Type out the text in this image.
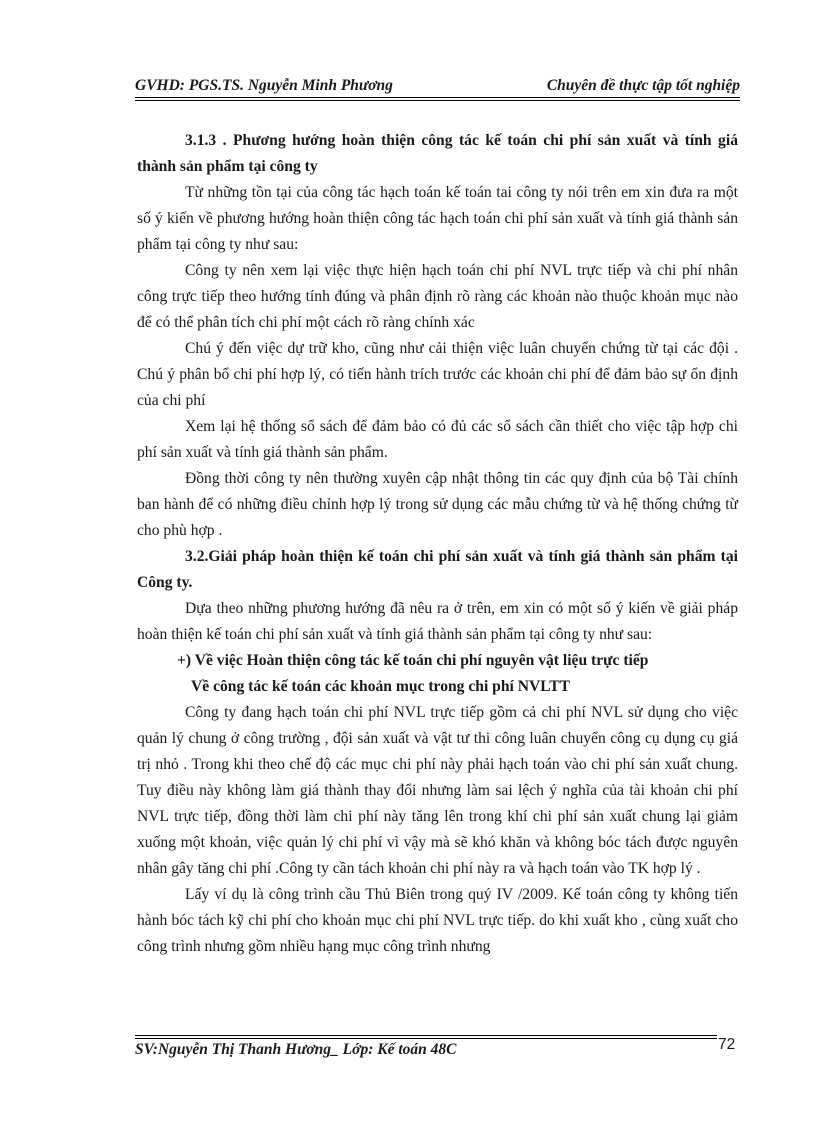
GVHD: PGS.TS. Nguyễn Minh Phương	Chuyên đề thực tập tốt nghiệp

3.1.3 . Phương hướng hoàn thiện công tác kế toán chi phí sản xuất và tính giá thành sản phẩm tại công ty

Từ những tồn tại của công tác hạch toán kế toán tai công ty nói trên em xin đưa ra một số ý kiến về phương hướng hoàn thiện công tác hạch toán chi phí sản xuất và tính giá thành sản phẩm tại công ty như sau:

Công ty nên xem lại việc thực hiện hạch toán chi phí NVL trực tiếp và chi phí nhân công trực tiếp theo hướng tính đúng và phân định rõ ràng các khoản nào thuộc khoản mục nào để có thể phân tích chi phí một cách rõ ràng chính xác

Chú ý đến việc dự trữ kho, cũng như cải thiện việc luân chuyển chứng từ tại các đội . Chú ý phân bổ chi phí hợp lý, có tiến hành trích trước các khoản chi phí để đảm bảo sự ổn định của chi phí

Xem lại hệ thống sổ sách để đảm bảo có đủ các sổ sách cần thiết cho việc tập hợp chi phí sản xuất và tính giá thành sản phẩm.

Đồng thời công ty nên thường xuyên cập nhật thông tin các quy định của bộ Tài chính ban hành để có những điều chỉnh hợp lý trong sử dụng các mẫu chứng từ và hệ thống chứng từ cho phù hợp .

3.2.Giải pháp hoàn thiện kế toán chi phí sản xuất và tính giá thành sản phẩm tại Công ty.

Dựa theo những phương hướng đã nêu ra ở trên, em xin có một số ý kiến về giải pháp hoàn thiện kế toán chi phí sản xuất và tính giá thành sản phẩm tại công ty như sau:

+) Về việc Hoàn thiện công tác kế toán chi phí nguyên vật liệu trực tiếp

Về công tác kế toán các khoản mục trong chi phí NVLTT

Công ty đang hạch toán chi phí NVL trực tiếp gồm cả chi phí NVL sử dụng cho việc quản lý chung ở công trường , đội sản xuất và vật tư thi công luân chuyển công cụ dụng cụ giá trị nhỏ . Trong khi theo chế độ các mục chi phí này phải hạch toán vào chi phí sản xuất chung. Tuy điều này không làm giá thành thay đổi nhưng làm sai lệch ý nghĩa của tài khoản chi phí NVL trực tiếp, đồng thời làm chi phí này tăng lên trong khí chi phí sản xuất chung lại giảm xuống một khoản, việc quản lý chi phí vì vậy mà sẽ khó khăn và không bóc tách được nguyên nhân gây tăng chi phí .Công ty cần tách khoản chi phí này ra và hạch toán vào TK hợp lý .

Lấy ví dụ là công trình cầu Thủ Biên trong quý IV /2009. Kế toán công ty không tiến hành bóc tách kỹ chi phí cho khoản mục chi phí NVL trực tiếp. do khi xuất kho , cùng xuất cho công trình nhưng gồm nhiều hạng mục công trình nhưng

SV:Nguyễn Thị Thanh Hương_ Lớp: Kế toán 48C	72
